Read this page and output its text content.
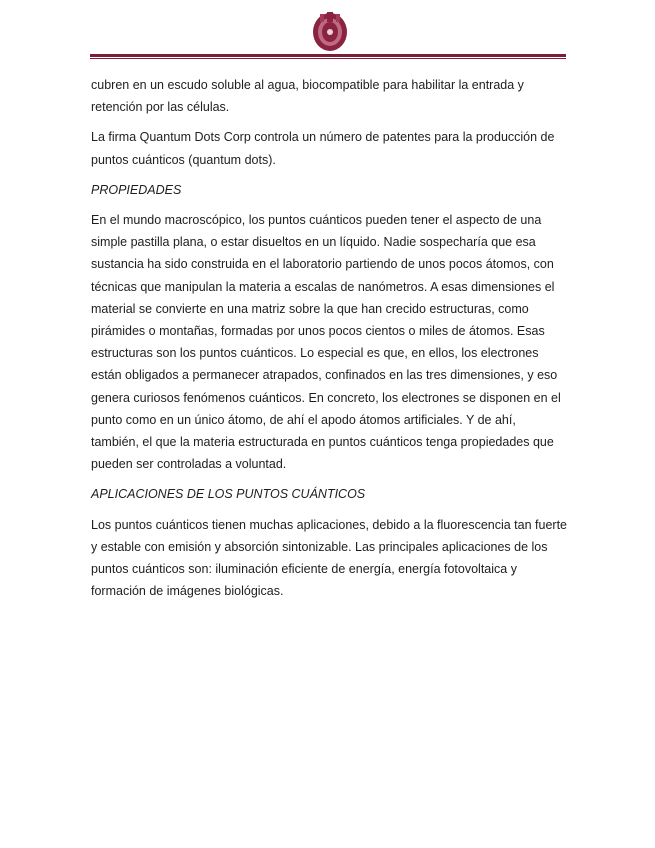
cubren en un escudo soluble al agua, biocompatible para habilitar la entrada y retención por las células.

La firma Quantum Dots Corp controla un número de patentes para la producción de puntos cuánticos (quantum dots).

PROPIEDADES

En el mundo macroscópico, los puntos cuánticos pueden tener el aspecto de una simple pastilla plana, o estar disueltos en un líquido. Nadie sospecharía que esa sustancia ha sido construida en el laboratorio partiendo de unos pocos átomos, con técnicas que manipulan la materia a escalas de nanómetros. A esas dimensiones el material se convierte en una matriz sobre la que han crecido estructuras, como pirámides o montañas, formadas por unos pocos cientos o miles de átomos. Esas estructuras son los puntos cuánticos. Lo especial es que, en ellos, los electrones están obligados a permanecer atrapados, confinados en las tres dimensiones, y eso genera curiosos fenómenos cuánticos. En concreto, los electrones se disponen en el punto como en un único átomo, de ahí el apodo átomos artificiales. Y de ahí, también, el que la materia estructurada en puntos cuánticos tenga propiedades que pueden ser controladas a voluntad.

APLICACIONES DE LOS PUNTOS CUÁNTICOS

Los puntos cuánticos tienen muchas aplicaciones, debido a la fluorescencia tan fuerte y estable con emisión y absorción sintonizable. Las principales aplicaciones de los puntos cuánticos son: iluminación eficiente de energía, energía fotovoltaica y formación de imágenes biológicas.
